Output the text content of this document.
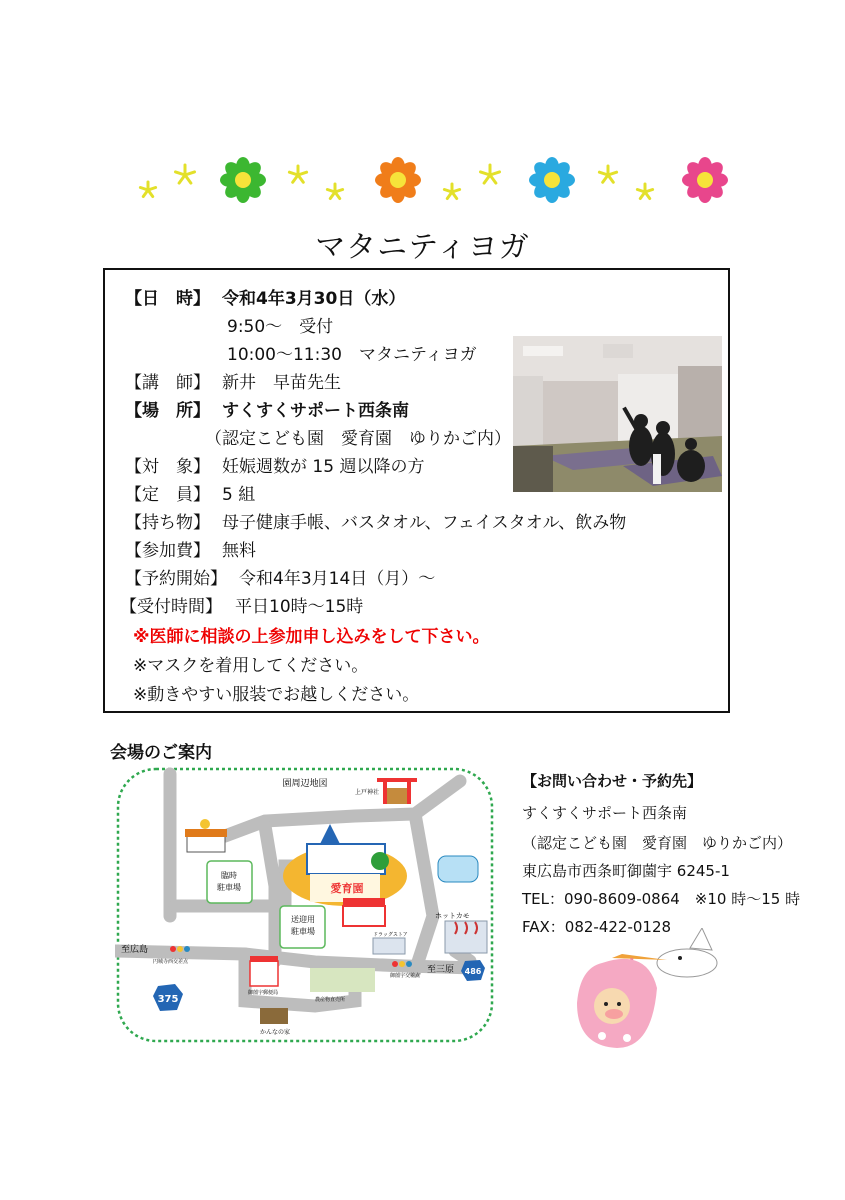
マタニティヨガ
【日　時】 令和4年3月30日（水）
9:50～　受付
10:00～11:30　マタニティヨガ
【講　師】 新井　早苗先生
【場　所】 すくすくサポート西条南
（認定こども園　愛育園　ゆりかご内）
【対　象】 妊娠週数が 15 週以降の方
【定　員】 5 組
【持ち物】 母子健康手帳、バスタオル、フェイスタオル、飲み物
【参加費】 無料
【予約開始】 令和4年3月14日（月）～
【受付時間】 平日10時～15時
※医師に相談の上参加申し込みをして下さい。
※マスクを着用してください。
※動きやすい服装でお越しください。
会場のご案内
臨時
駐車場
送迎用
駐車場
愛育園
上戸神社
園周辺地図
ホットカモ
至広島
円城寺西交差点
375
御薗宇交差点
至三原 486
御薗宇郵便局
農産物直売所
ドラッグストア
かんなの家
【お問い合わせ・予約先】
すくすくサポート西条南
（認定こども園　愛育園　ゆりかご内）
東広島市西条町御薗宇 6245-1
TEL：090-8609-0864　※10 時～15 時
FAX：082-422-0128
